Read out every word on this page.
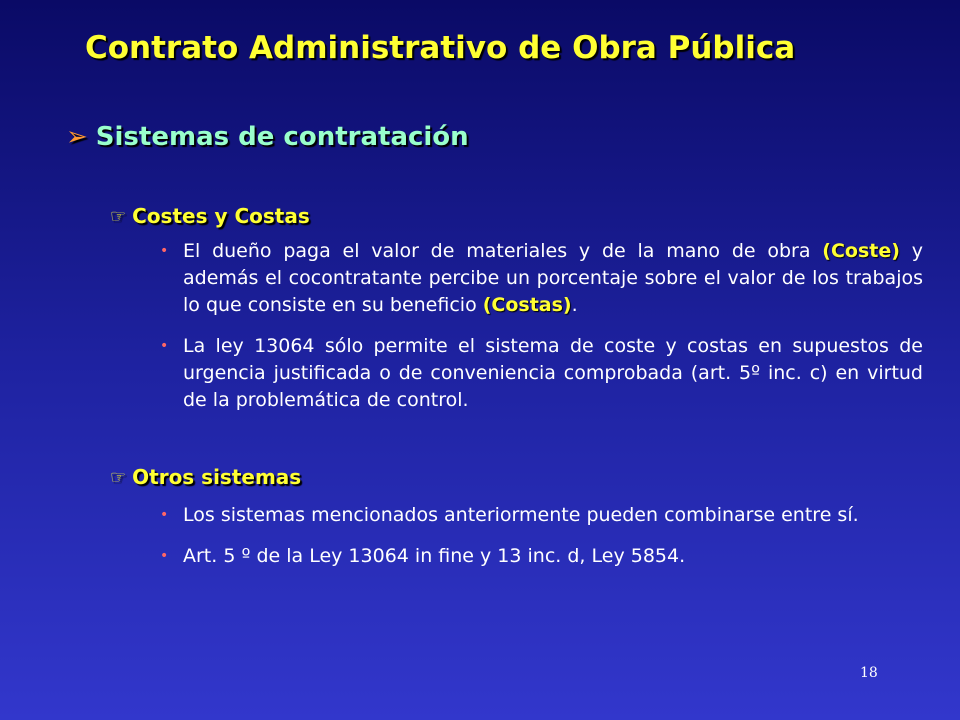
Contrato Administrativo de Obra Pública
➢ Sistemas de contratación
☞ Costes y Costas
• El dueño paga el valor de materiales y de la mano de obra (Coste) y además el cocontratante percibe un porcentaje sobre el valor de los trabajos lo que consiste en su beneficio (Costas).
• La ley 13064 sólo permite el sistema de coste y costas en supuestos de urgencia justificada o de conveniencia comprobada (art. 5º inc. c) en virtud de la problemática de control.
☞ Otros sistemas
• Los sistemas mencionados anteriormente pueden combinarse entre sí.
• Art. 5 º de la Ley 13064 in fine y 13 inc. d, Ley 5854.
18
